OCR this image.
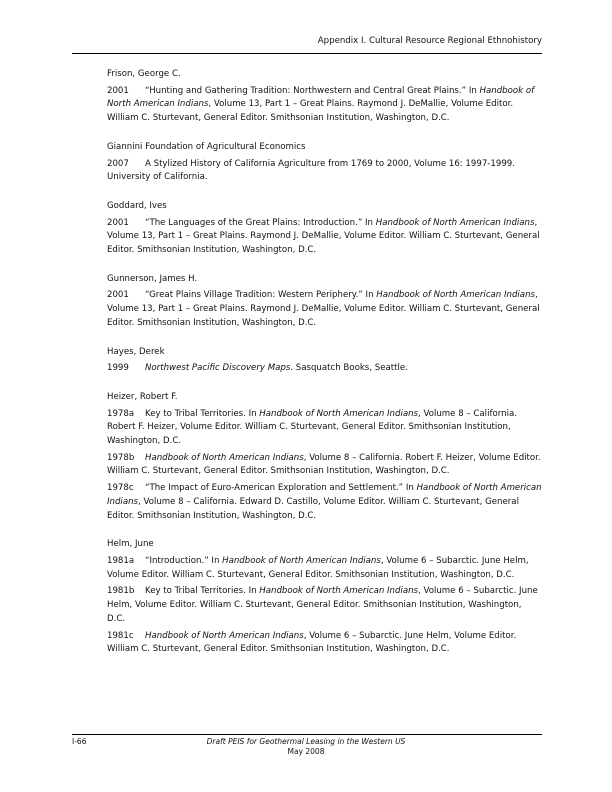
Appendix I. Cultural Resource Regional Ethnohistory

Frison, George C.

2001 “Hunting and Gathering Tradition: Northwestern and Central Great Plains.” In Handbook of North American Indians, Volume 13, Part 1 – Great Plains. Raymond J. DeMallie, Volume Editor. William C. Sturtevant, General Editor. Smithsonian Institution, Washington, D.C.

Giannini Foundation of Agricultural Economics

2007 A Stylized History of California Agriculture from 1769 to 2000, Volume 16: 1997-1999. University of California.

Goddard, Ives

2001 “The Languages of the Great Plains: Introduction.” In Handbook of North American Indians, Volume 13, Part 1 – Great Plains. Raymond J. DeMallie, Volume Editor. William C. Sturtevant, General Editor. Smithsonian Institution, Washington, D.C.

Gunnerson, James H.

2001 “Great Plains Village Tradition: Western Periphery.” In Handbook of North American Indians, Volume 13, Part 1 – Great Plains. Raymond J. DeMallie, Volume Editor. William C. Sturtevant, General Editor. Smithsonian Institution, Washington, D.C.

Hayes, Derek

1999 Northwest Pacific Discovery Maps. Sasquatch Books, Seattle.

Heizer, Robert F.

1978a Key to Tribal Territories. In Handbook of North American Indians, Volume 8 – California. Robert F. Heizer, Volume Editor. William C. Sturtevant, General Editor. Smithsonian Institution, Washington, D.C.

1978b Handbook of North American Indians, Volume 8 – California. Robert F. Heizer, Volume Editor. William C. Sturtevant, General Editor. Smithsonian Institution, Washington, D.C.

1978c “The Impact of Euro-American Exploration and Settlement.” In Handbook of North American Indians, Volume 8 – California. Edward D. Castillo, Volume Editor. William C. Sturtevant, General Editor. Smithsonian Institution, Washington, D.C.

Helm, June

1981a “Introduction.” In Handbook of North American Indians, Volume 6 – Subarctic. June Helm, Volume Editor. William C. Sturtevant, General Editor. Smithsonian Institution, Washington, D.C.

1981b Key to Tribal Territories. In Handbook of North American Indians, Volume 6 – Subarctic. June Helm, Volume Editor. William C. Sturtevant, General Editor. Smithsonian Institution, Washington, D.C.

1981c Handbook of North American Indians, Volume 6 – Subarctic. June Helm, Volume Editor. William C. Sturtevant, General Editor. Smithsonian Institution, Washington, D.C.

I-66	Draft PEIS for Geothermal Leasing in the Western US
May 2008
